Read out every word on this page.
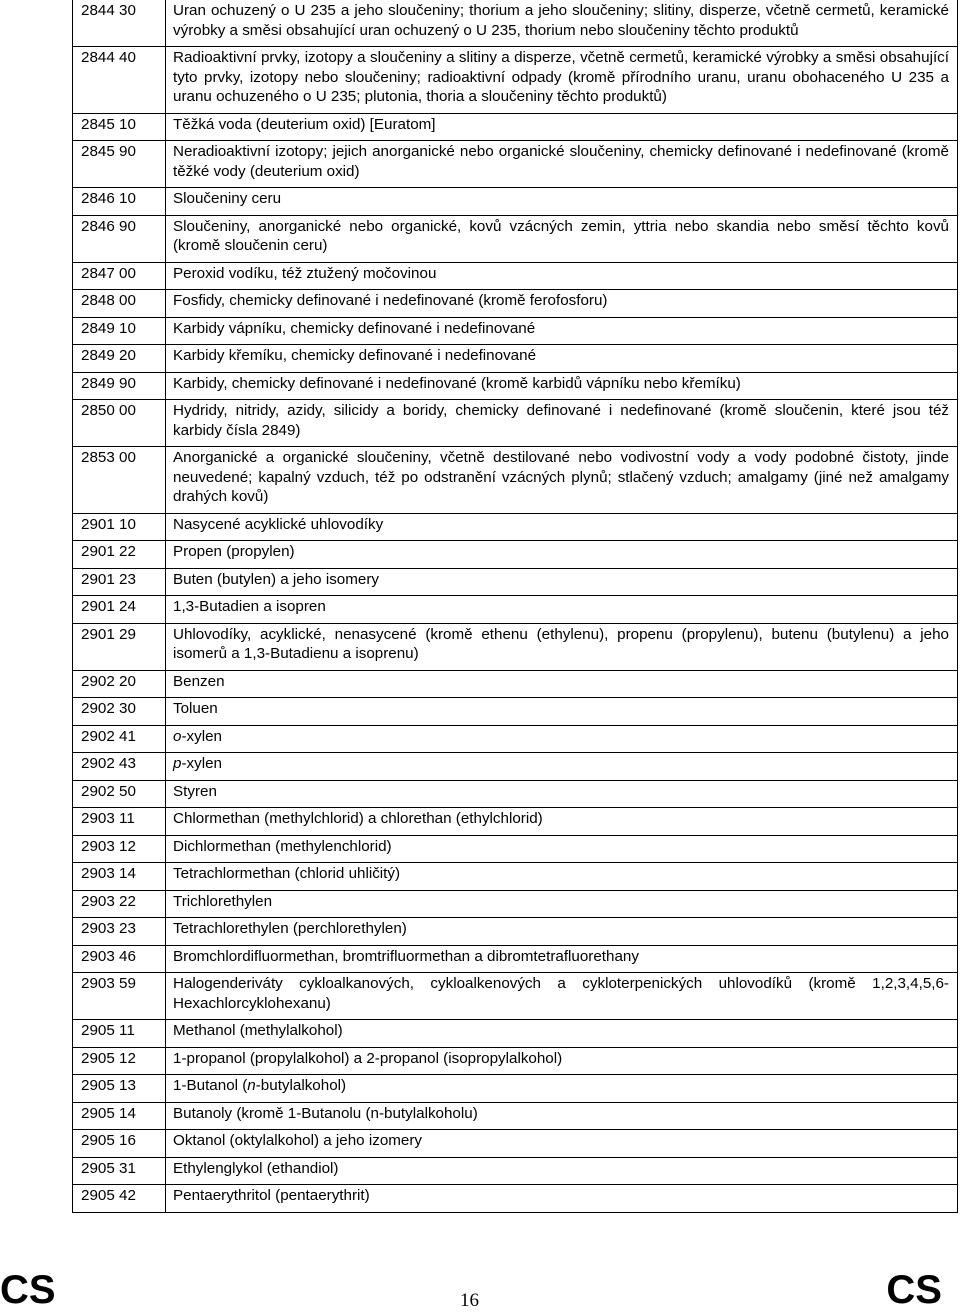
2844 30	Uran ochuzený o U 235 a jeho sloučeniny; thorium a jeho sloučeniny; slitiny, disperze, včetně cermetů, keramické výrobky a směsi obsahující uran ochuzený o U 235, thorium nebo sloučeniny těchto produktů
2844 40	Radioaktivní prvky, izotopy a sloučeniny a slitiny a disperze, včetně cermetů, keramické výrobky a směsi obsahující tyto prvky, izotopy nebo sloučeniny; radioaktivní odpady (kromě přírodního uranu, uranu obohaceného U 235 a uranu ochuzeného o U 235; plutonia, thoria a sloučeniny těchto produktů)
2845 10	Těžká voda (deuterium oxid) [Euratom]
2845 90	Neradioaktivní izotopy; jejich anorganické nebo organické sloučeniny, chemicky definované i nedefinované (kromě těžké vody (deuterium oxid)
2846 10	Sloučeniny ceru
2846 90	Sloučeniny, anorganické nebo organické, kovů vzácných zemin, yttria nebo skandia nebo směsí těchto kovů (kromě sloučenin ceru)
2847 00	Peroxid vodíku, též ztužený močovinou
2848 00	Fosfidy, chemicky definované i nedefinované (kromě ferofosforu)
2849 10	Karbidy vápníku, chemicky definované i nedefinované
2849 20	Karbidy křemíku, chemicky definované i nedefinované
2849 90	Karbidy, chemicky definované i nedefinované (kromě karbidů vápníku nebo křemíku)
2850 00	Hydridy, nitridy, azidy, silicidy a boridy, chemicky definované i nedefinované (kromě sloučenin, které jsou též karbidy čísla 2849)
2853 00	Anorganické a organické sloučeniny, včetně destilované nebo vodivostní vody a vody podobné čistoty, jinde neuvedené; kapalný vzduch, též po odstranění vzácných plynů; stlačený vzduch; amalgamy (jiné než amalgamy drahých kovů)
2901 10	Nasycené acyklické uhlovodíky
2901 22	Propen (propylen)
2901 23	Buten (butylen) a jeho isomery
2901 24	1,3-Butadien a isopren
2901 29	Uhlovodíky, acyklické, nenasycené (kromě ethenu (ethylenu), propenu (propylenu), butenu (butylenu) a jeho isomerů a 1,3-Butadienu a isoprenu)
2902 20	Benzen
2902 30	Toluen
2902 41	o-xylen
2902 43	p-xylen
2902 50	Styren
2903 11	Chlormethan (methylchlorid) a chlorethan (ethylchlorid)
2903 12	Dichlormethan (methylenchlorid)
2903 14	Tetrachlormethan (chlorid uhličitý)
2903 22	Trichlorethylen
2903 23	Tetrachlorethylen (perchlorethylen)
2903 46	Bromchlordifluormethan, bromtrifluormethan a dibromtetrafluorethany
2903 59	Halogenderiváty cykloalkanových, cykloalkenových a cykloterpenických uhlovodíků (kromě 1,2,3,4,5,6-Hexachlorcyklohexanu)
2905 11	Methanol (methylalkohol)
2905 12	1-propanol (propylalkohol) a 2-propanol (isopropylalkohol)
2905 13	1-Butanol (n-butylalkohol)
2905 14	Butanoly (kromě 1-Butanolu (n-butylalkoholu)
2905 16	Oktanol (oktylalkohol) a jeho izomery
2905 31	Ethylenglykol (ethandiol)
2905 42	Pentaerythritol (pentaerythrit)
CS	16	CS
